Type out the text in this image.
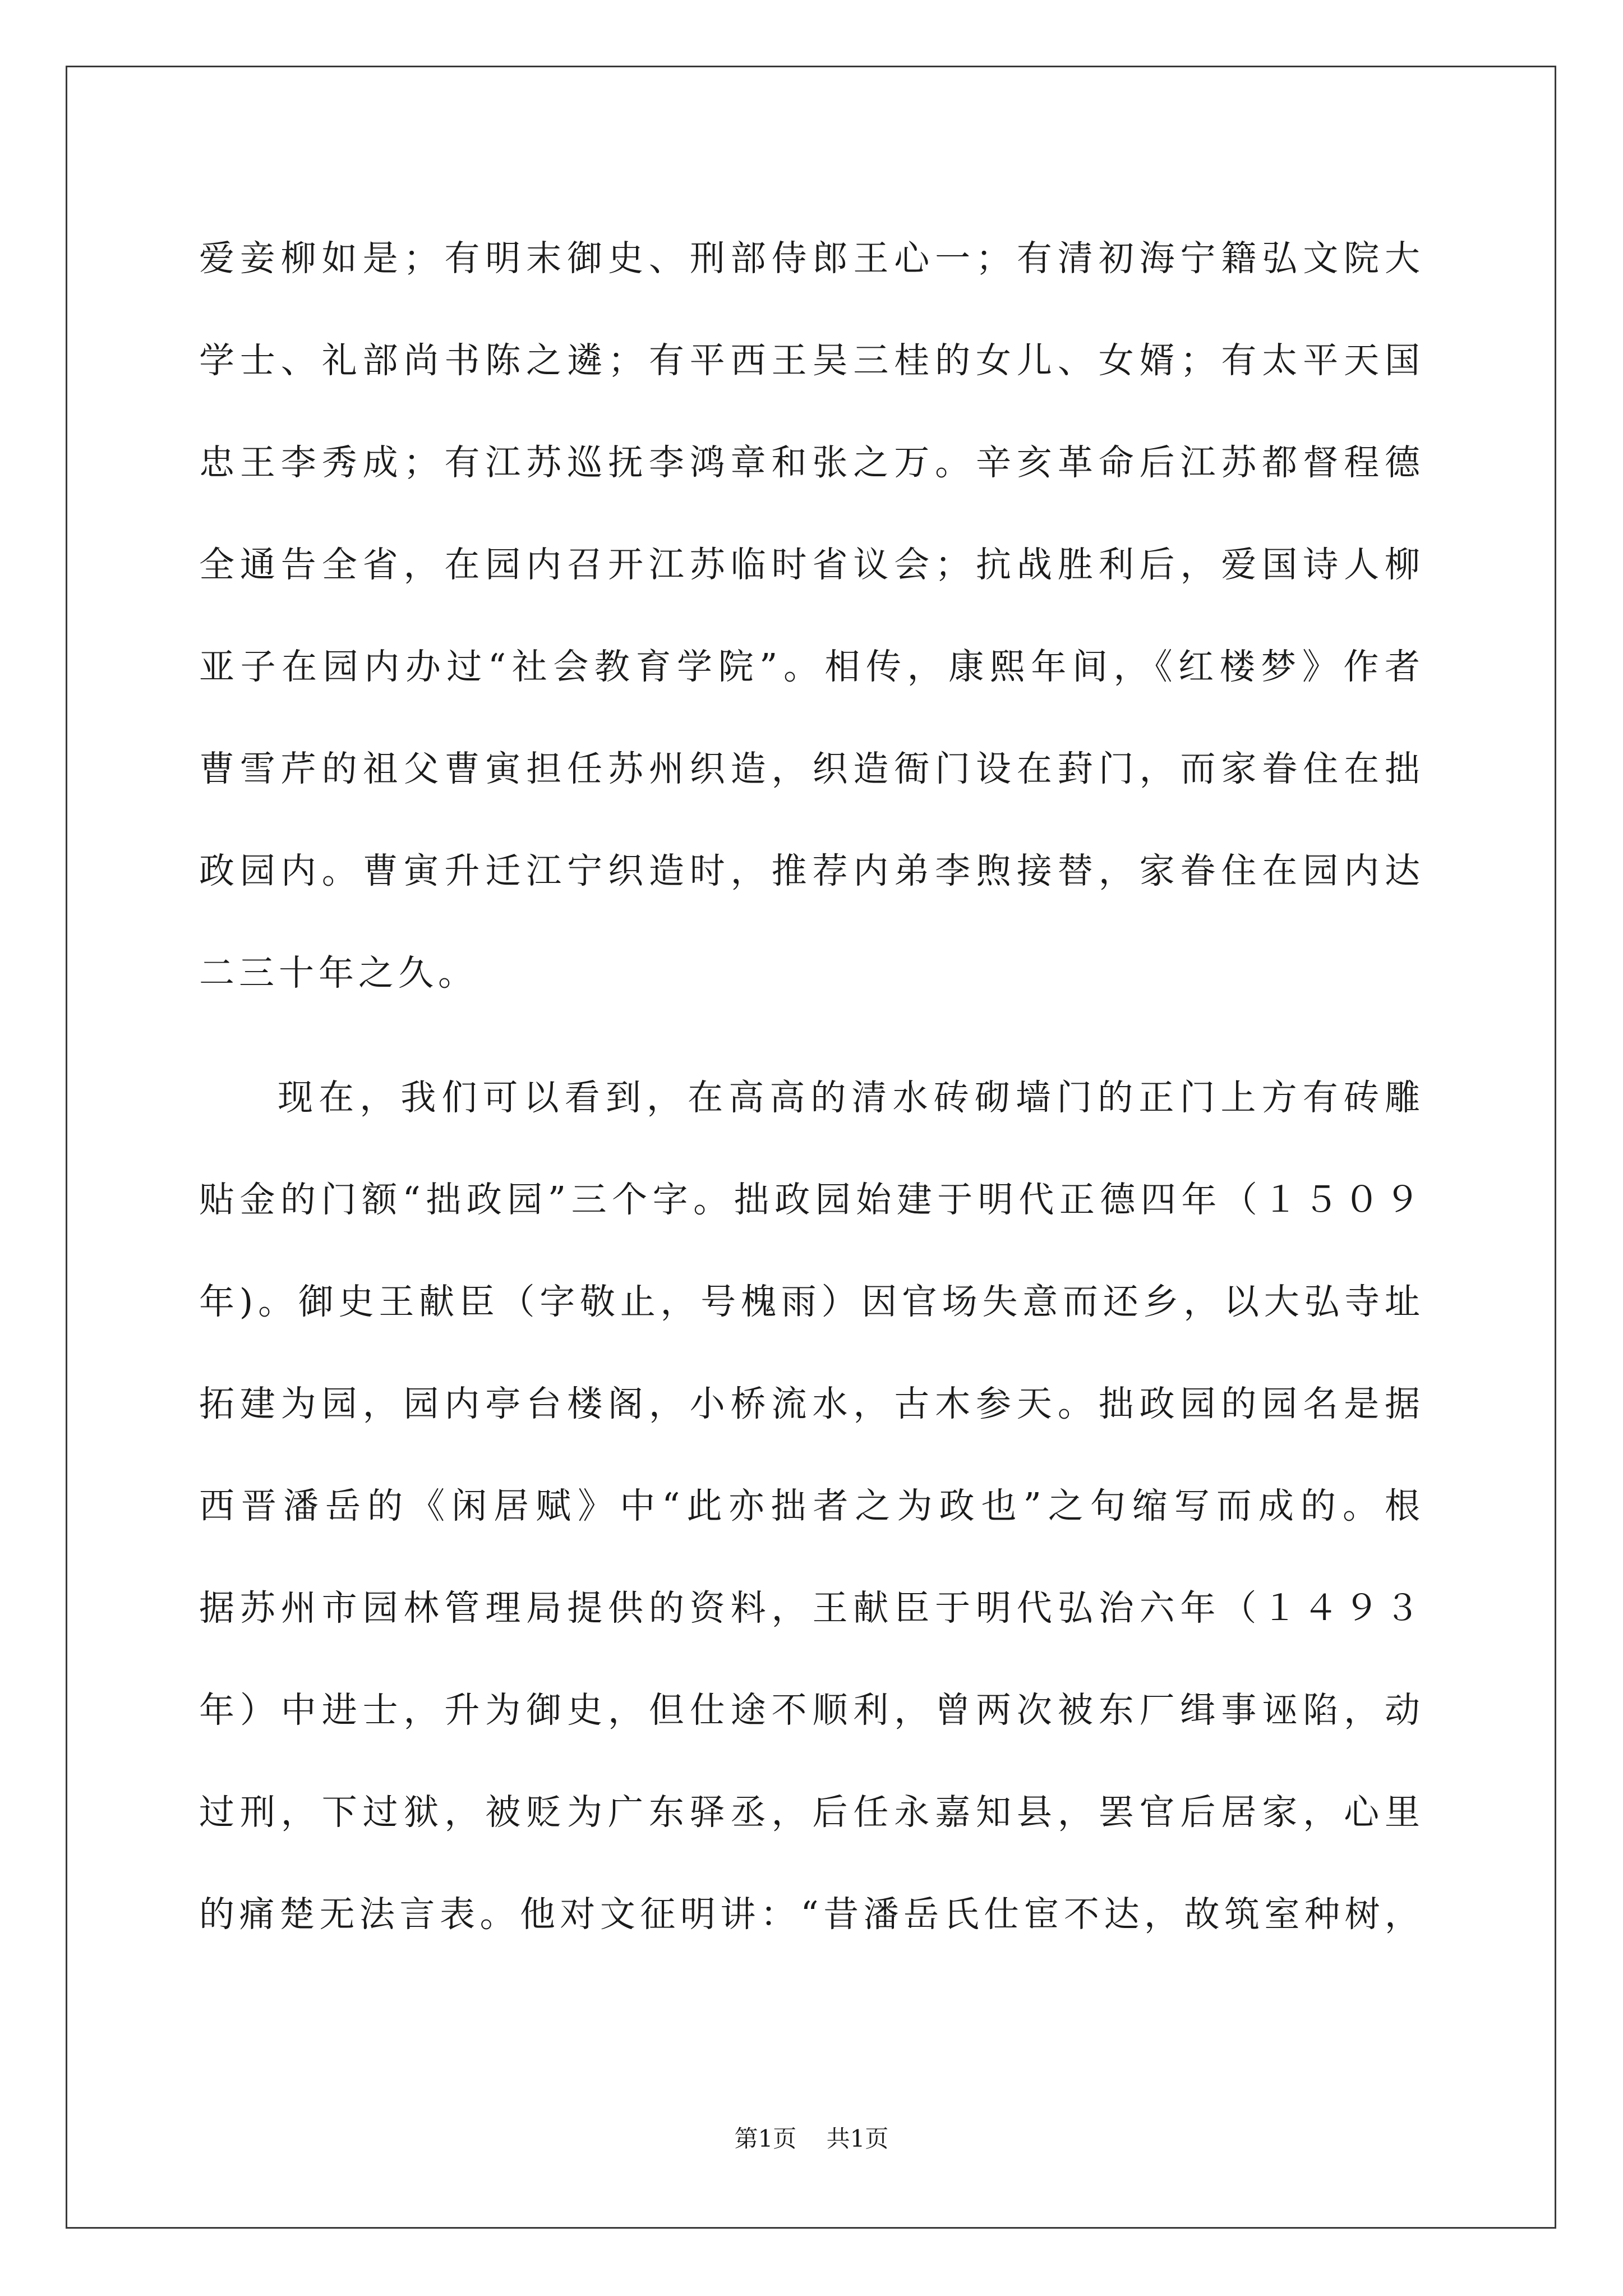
爱妾柳如是；有明末御史、刑部侍郎王心一；有清初海宁籍弘文院大
学士、礼部尚书陈之遴；有平西王吴三桂的女儿、女婿；有太平天国
忠王李秀成；有江苏巡抚李鸿章和张之万。辛亥革命后江苏都督程德
全通告全省，在园内召开江苏临时省议会；抗战胜利后，爱国诗人柳
亚子在园内办过“社会教育学院”。相传，康熙年间，《红楼梦》作者
曹雪芹的祖父曹寅担任苏州织造，织造衙门设在葑门，而家眷住在拙
政园内。曹寅升迁江宁织造时，推荐内弟李煦接替，家眷住在园内达
二三十年之久。
现在，我们可以看到，在高高的清水砖砌墙门的正门上方有砖雕
贴金的门额“拙政园”三个字。拙政园始建于明代正德四年（１５０９
年)。御史王献臣（字敬止，号槐雨）因官场失意而还乡，以大弘寺址
拓建为园，园内亭台楼阁，小桥流水，古木参天。拙政园的园名是据
西晋潘岳的《闲居赋》中“此亦拙者之为政也”之句缩写而成的。根
据苏州市园林管理局提供的资料，王献臣于明代弘治六年（１４９３
年）中进士，升为御史，但仕途不顺利，曾两次被东厂缉事诬陷，动
过刑，下过狱，被贬为广东驿丞，后任永嘉知县，罢官后居家，心里
的痛楚无法言表。他对文征明讲：“昔潘岳氏仕宦不达，故筑室种树，
第1页 共1页
